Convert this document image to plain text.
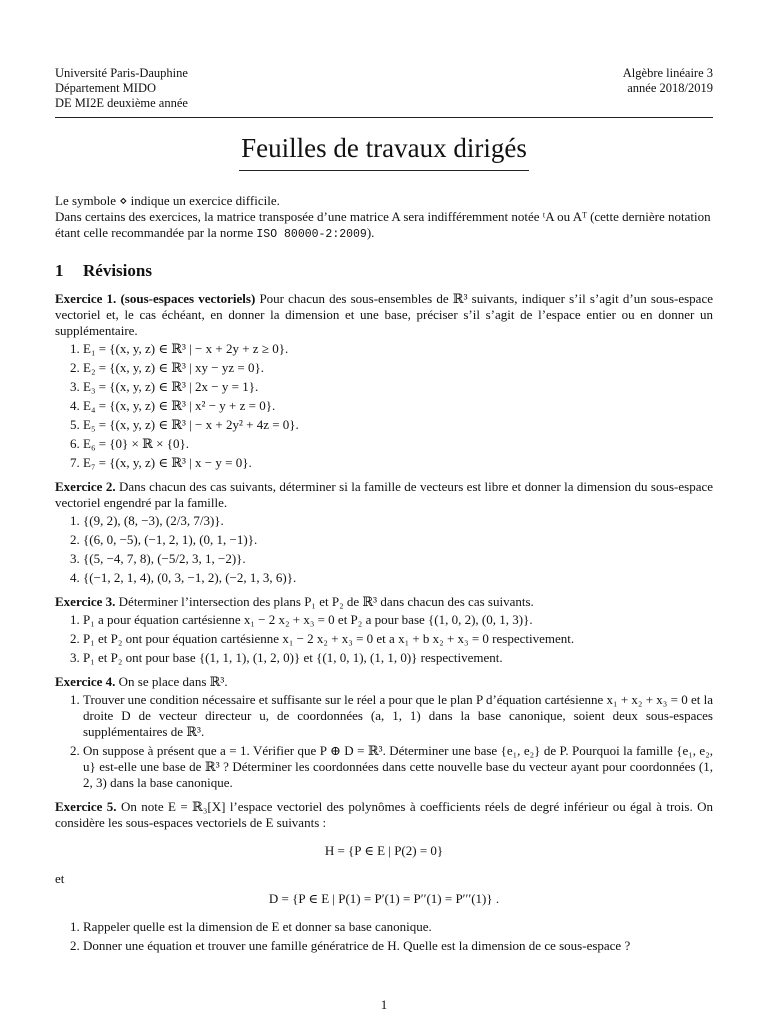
Université Paris-Dauphine
Département MIDO
DE MI2E deuxième année
Algèbre linéaire 3
année 2018/2019
Feuilles de travaux dirigés
Le symbole ⋄ indique un exercice difficile.
Dans certains des exercices, la matrice transposée d’une matrice A sera indifféremment notée ᵗA ou Aᵀ (cette dernière notation étant celle recommandée par la norme ISO 80000-2:2009).
1 Révisions
Exercice 1. (sous-espaces vectoriels) Pour chacun des sous-ensembles de ℝ³ suivants, indiquer s’il s’agit d’un sous-espace vectoriel et, le cas échéant, en donner la dimension et une base, préciser s’il s’agit de l’espace entier ou en donner un supplémentaire.
1. E₁ = {(x, y, z) ∈ ℝ³ | − x + 2y + z ≥ 0}.
2. E₂ = {(x, y, z) ∈ ℝ³ | xy − yz = 0}.
3. E₃ = {(x, y, z) ∈ ℝ³ | 2x − y = 1}.
4. E₄ = {(x, y, z) ∈ ℝ³ | x² − y + z = 0}.
5. E₅ = {(x, y, z) ∈ ℝ³ | − x + 2y² + 4z = 0}.
6. E₆ = {0} × ℝ × {0}.
7. E₇ = {(x, y, z) ∈ ℝ³ | x − y = 0}.
Exercice 2. Dans chacun des cas suivants, déterminer si la famille de vecteurs est libre et donner la dimension du sous-espace vectoriel engendré par la famille.
1. {(9, 2), (8, −3), (2/3, 7/3)}.
2. {(6, 0, −5), (−1, 2, 1), (0, 1, −1)}.
3. {(5, −4, 7, 8), (−5/2, 3, 1, −2)}.
4. {(−1, 2, 1, 4), (0, 3, −1, 2), (−2, 1, 3, 6)}.
Exercice 3. Déterminer l’intersection des plans P₁ et P₂ de ℝ³ dans chacun des cas suivants.
1. P₁ a pour équation cartésienne x₁ − 2 x₂ + x₃ = 0 et P₂ a pour base {(1, 0, 2), (0, 1, 3)}.
2. P₁ et P₂ ont pour équation cartésienne x₁ − 2 x₂ + x₃ = 0 et a x₁ + b x₂ + x₃ = 0 respectivement.
3. P₁ et P₂ ont pour base {(1, 1, 1), (1, 2, 0)} et {(1, 0, 1), (1, 1, 0)} respectivement.
Exercice 4. On se place dans ℝ³.
1. Trouver une condition nécessaire et suffisante sur le réel a pour que le plan P d’équation cartésienne x₁ + x₂ + x₃ = 0 et la droite D de vecteur directeur u, de coordonnées (a, 1, 1) dans la base canonique, soient deux sous-espaces supplémentaires de ℝ³.
2. On suppose à présent que a = 1. Vérifier que P ⊕ D = ℝ³. Déterminer une base {e₁, e₂} de P. Pourquoi la famille {e₁, e₂, u} est-elle une base de ℝ³ ? Déterminer les coordonnées dans cette nouvelle base du vecteur ayant pour coordonnées (1, 2, 3) dans la base canonique.
Exercice 5. On note E = ℝ₃[X] l’espace vectoriel des polynômes à coefficients réels de degré inférieur ou égal à trois. On considère les sous-espaces vectoriels de E suivants :
H = {P ∈ E | P(2) = 0}
et
D = {P ∈ E | P(1) = P′(1) = P′′(1) = P′′′(1)} .
1. Rappeler quelle est la dimension de E et donner sa base canonique.
2. Donner une équation et trouver une famille génératrice de H. Quelle est la dimension de ce sous-espace ?
1
